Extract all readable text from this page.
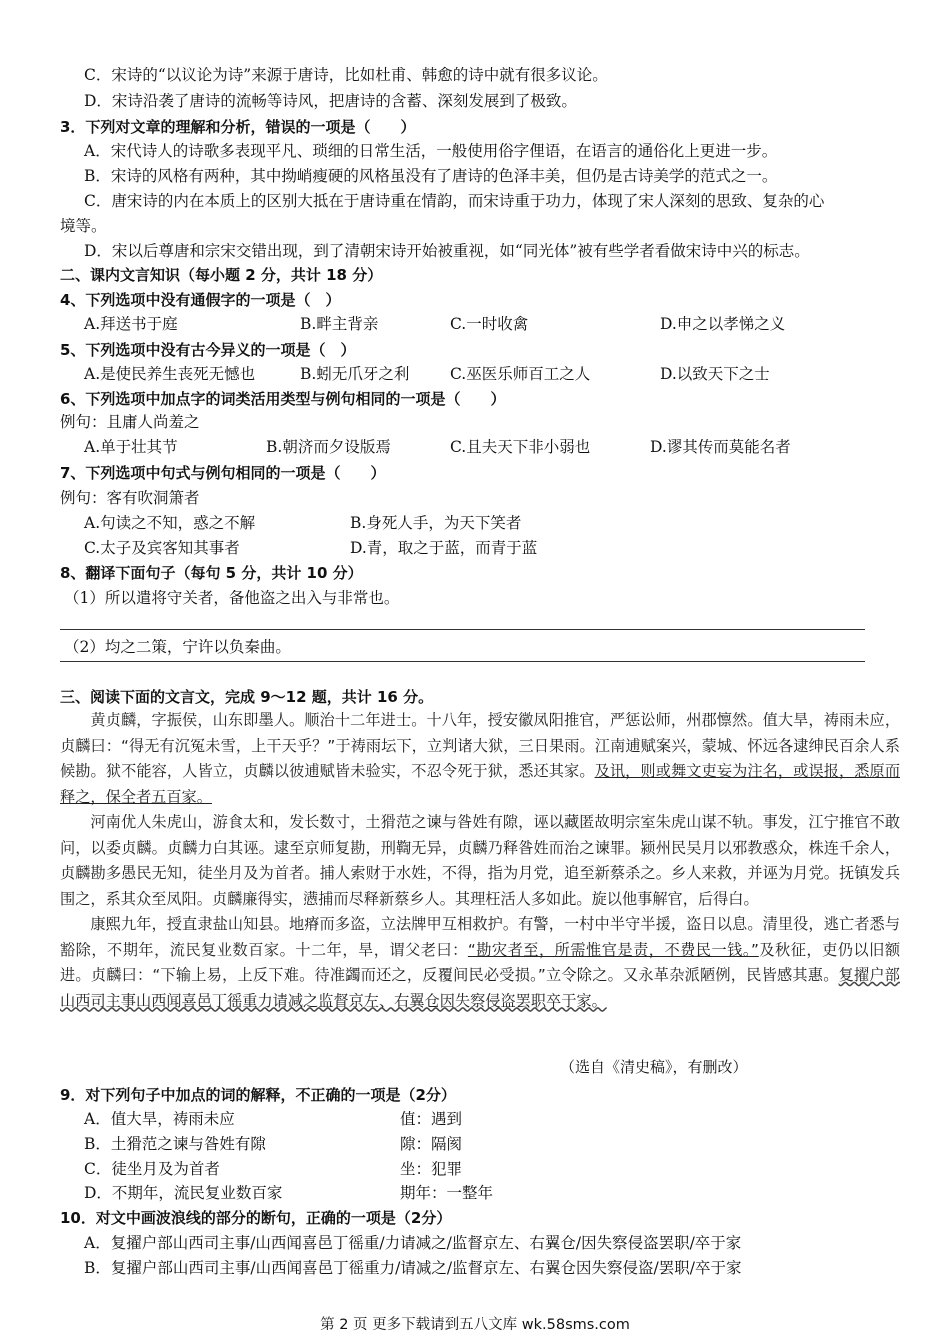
C．宋诗的“以议论为诗”来源于唐诗，比如杜甫、韩愈的诗中就有很多议论。
D．宋诗沿袭了唐诗的流畅等诗风，把唐诗的含蓄、深刻发展到了极致。
3．下列对文章的理解和分析，错误的一项是（　　）
A．宋代诗人的诗歌多表现平凡、琐细的日常生活，一般使用俗字俚语，在语言的通俗化上更进一步。
B．宋诗的风格有两种，其中拗峭瘦硬的风格虽没有了唐诗的色泽丰美，但仍是古诗美学的范式之一。
C．唐宋诗的内在本质上的区别大抵在于唐诗重在情韵，而宋诗重于功力，体现了宋人深刻的思致、复杂的心
境等。
D．宋以后尊唐和宗宋交错出现，到了清朝宋诗开始被重视，如“同光体”被有些学者看做宋诗中兴的标志。
二、课内文言知识（每小题 2 分，共计 18 分）
4、下列选项中没有通假字的一项是（　）
A.拜送书于庭	B.畔主背亲	C.一时收禽	D.申之以孝悌之义
5、下列选项中没有古今异义的一项是（　）
A.是使民养生丧死无憾也	B.蚓无爪牙之利	C.巫医乐师百工之人	D.以致天下之士
6、下列选项中加点字的词类活用类型与例句相同的一项是（　　）
例句：且庸人尚羞之
A.单于壮其节	B.朝济而夕设版焉	C.且夫天下非小弱也	D.谬其传而莫能名者
7、下列选项中句式与例句相同的一项是（　　）
例句：客有吹洞箫者
A.句读之不知，惑之不解	B.身死人手，为天下笑者
C.太子及宾客知其事者	D.青，取之于蓝，而青于蓝
8、翻译下面句子（每句 5 分，共计 10 分）
（1）所以遣将守关者，备他盗之出入与非常也。
（2）均之二策，宁许以负秦曲。
三、阅读下面的文言文，完成 9～12 题，共计 16 分。

黄贞麟，字振侯，山东即墨人。顺治十二年进士。十八年，授安徽凤阳推官，严惩讼师，州郡懔然。值大旱，祷雨未应，贞麟曰：“得无有沉冤未雪，上干天乎？”于祷雨坛下，立判诸大狱，三日果雨。江南逋赋案兴，蒙城、怀远各逮绅民百余人系候勘。狱不能容，人皆立，贞麟以彼逋赋皆未验实，不忍令死于狱，悉还其家。及讯，则或舞文吏妄为注名，或误报，悉原而释之，保全者五百家。

河南优人朱虎山，游食太和，发长数寸，土猾范之谏与昝姓有隙，诬以藏匿故明宗室朱虎山谋不轨。事发，江宁推官不敢问，以委贞麟。贞麟力白其诬。逮至京师复勘，刑鞫无异，贞麟乃释昝姓而治之谏罪。颍州民吴月以邪教惑众，株连千余人，贞麟勘多愚民无知，徒坐月及为首者。捕人索财于水姓，不得，指为月党，追至新蔡杀之。乡人来救，并诬为月党。抚镇发兵围之，系其众至凤阳。贞麟廉得实，懑捕而尽释新蔡乡人。其理枉活人多如此。旋以他事解官，后得白。

康熙九年，授直隶盐山知县。地瘠而多盗，立法牌甲互相救护。有警，一村中半守半援，盗日以息。清里役，逃亡者悉与豁除，不期年，流民复业数百家。十二年，旱，谓父老曰：“勘灾者至，所需惟官是责，不费民一钱。”及秋征，吏仍以旧额进。贞麟曰：“下输上易，上反下难。待准蠲而还之，反覆间民必受损。”立令除之。又永革杂派陋例，民皆感其惠。复擢户部山西司主事山西闻喜邑丁徭重力请减之监督京左、右翼仓因失察侵盗罢职卒于家。

（选自《清史稿》，有删改）
9．对下列句子中加点的词的解释，不正确的一项是（2分）
A．值大旱，祷雨未应	值：遇到
B．土猾范之谏与昝姓有隙	隙：隔阂
C．徒坐月及为首者	坐：犯罪
D．不期年，流民复业数百家	期年：一整年
10．对文中画波浪线的部分的断句，正确的一项是（2分）
A．复擢户部山西司主事/山西闻喜邑丁徭重/力请减之/监督京左、右翼仓/因失察侵盗罢职/卒于家
B．复擢户部山西司主事/山西闻喜邑丁徭重力/请减之/监督京左、右翼仓因失察侵盗/罢职/卒于家
第 2 页 更多下载请到五八文库 wk.58sms.com
